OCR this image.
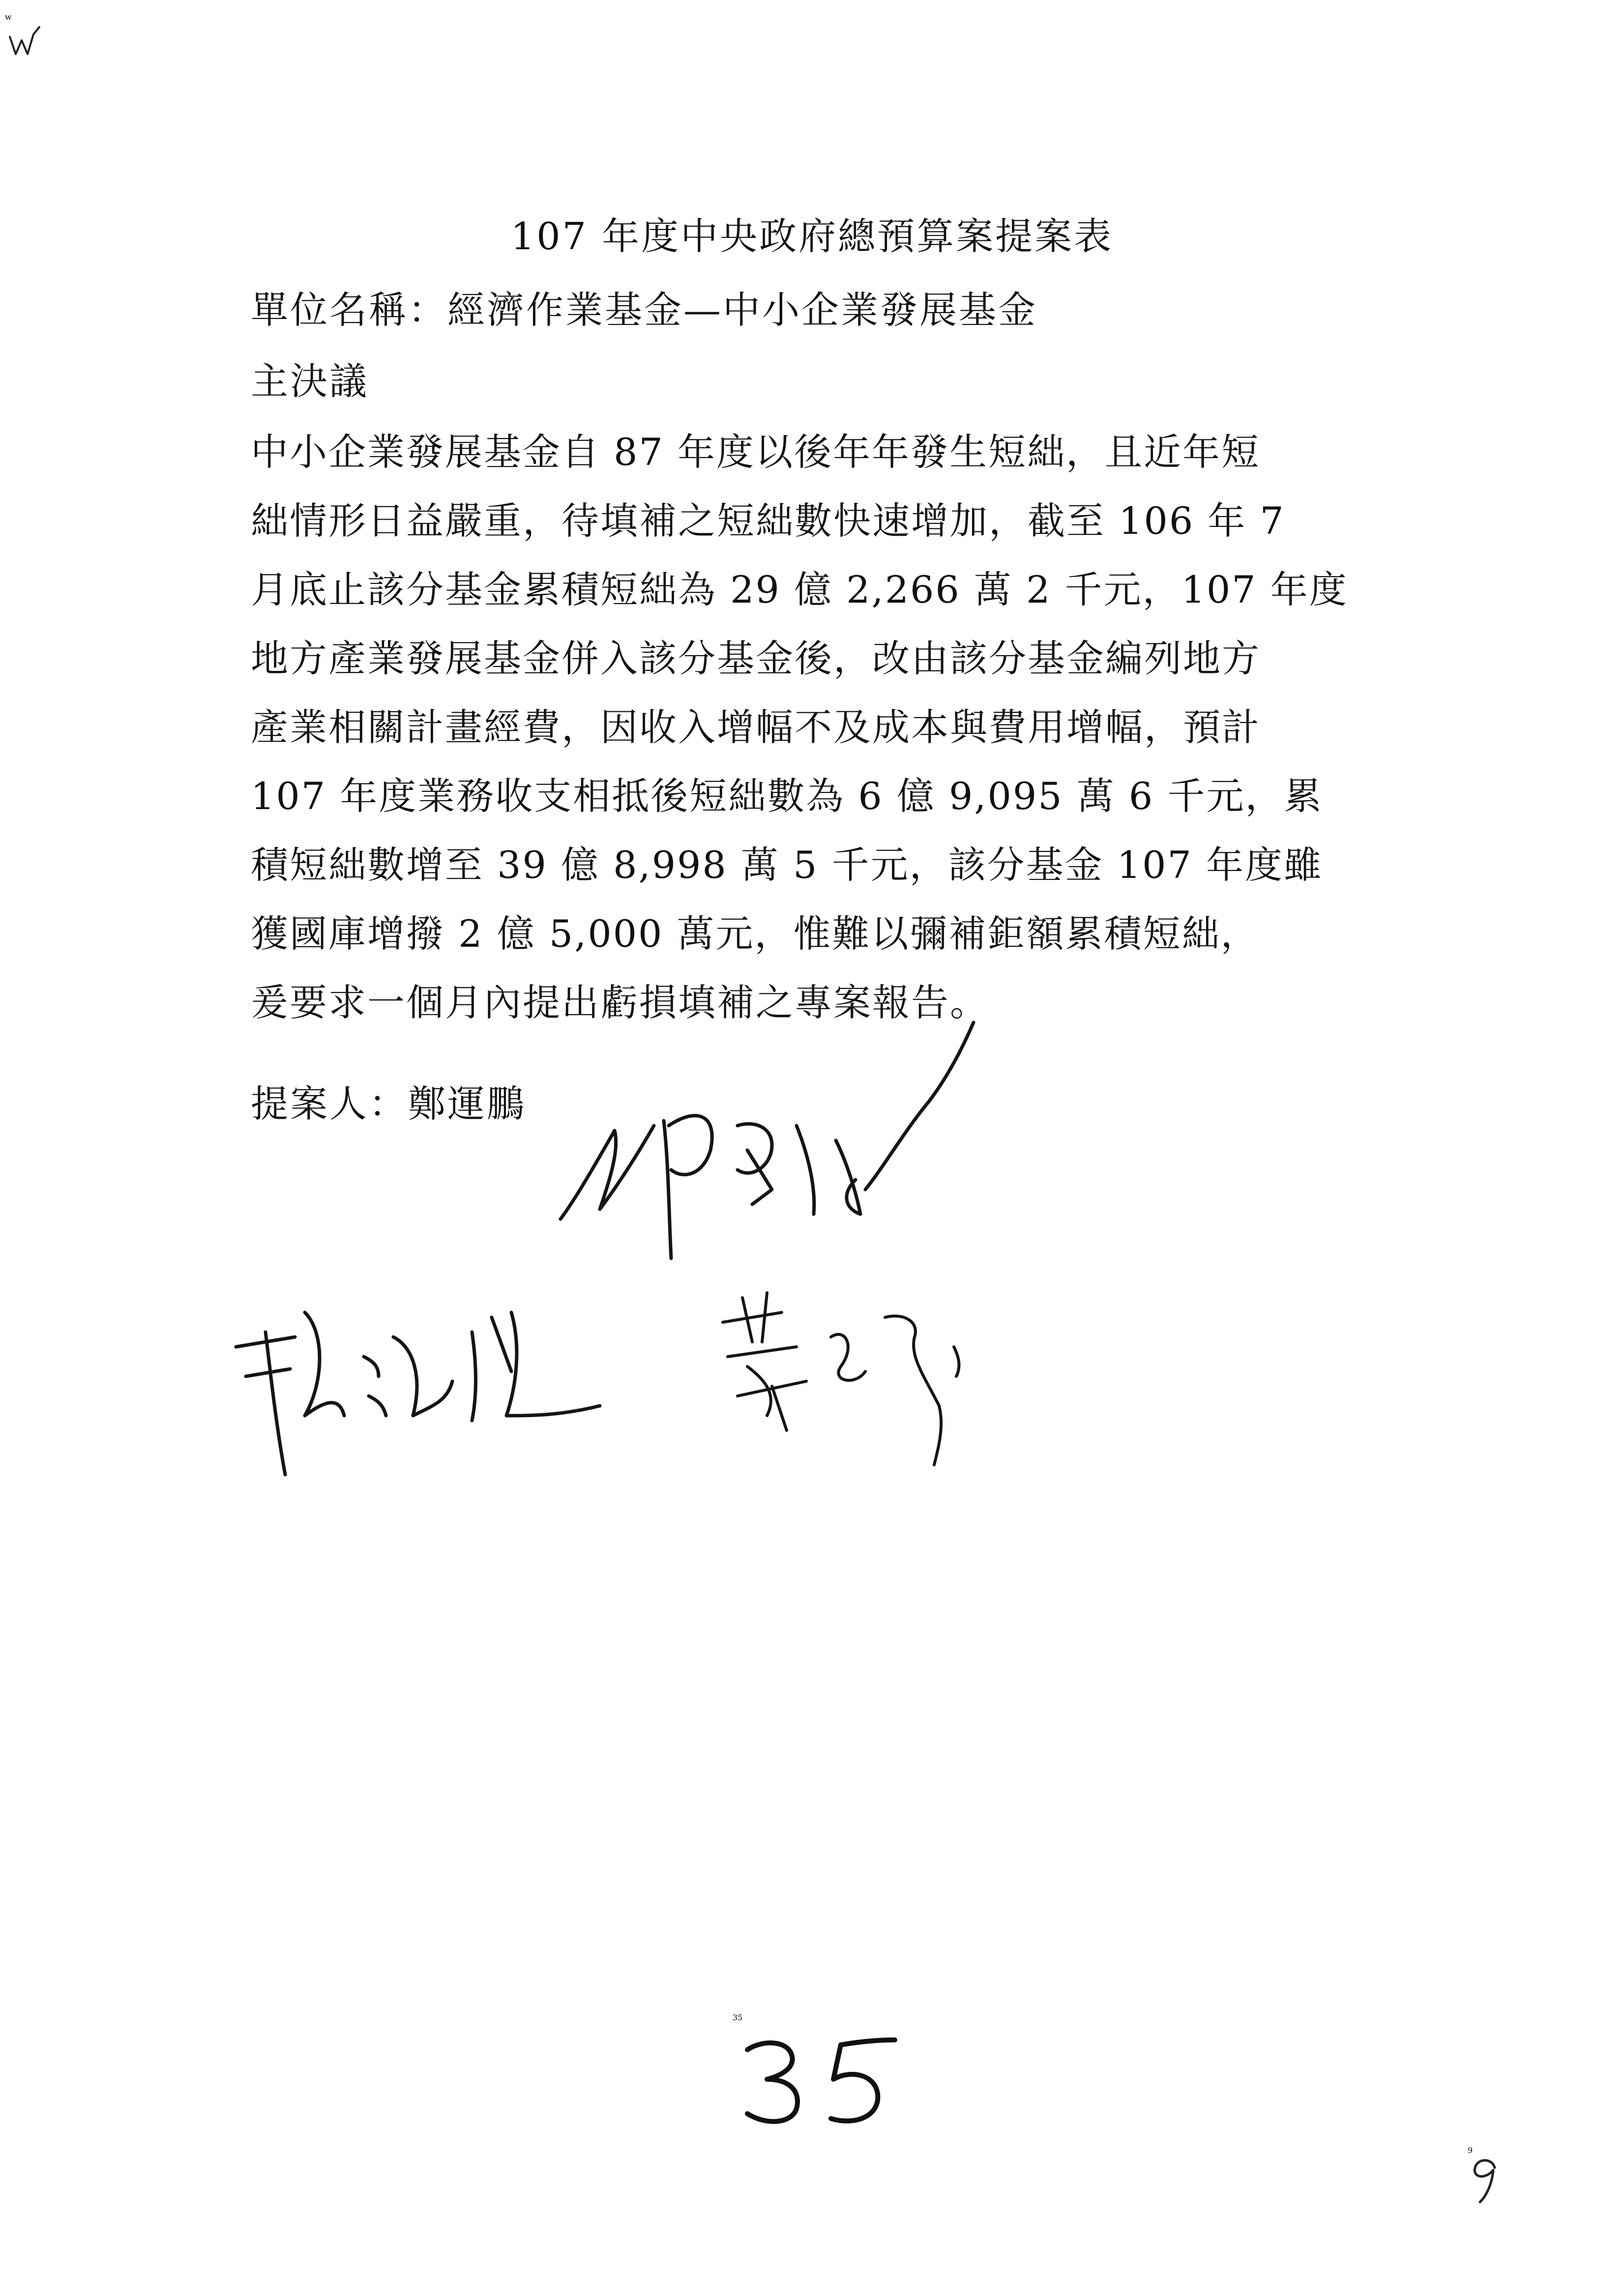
w
107 年度中央政府總預算案提案表
單位名稱：經濟作業基金—中小企業發展基金
主決議
中小企業發展基金自 87 年度以後年年發生短絀，且近年短
絀情形日益嚴重，待填補之短絀數快速增加，截至 106 年 7
月底止該分基金累積短絀為 29 億 2,266 萬 2 千元，107 年度
地方產業發展基金併入該分基金後，改由該分基金編列地方
產業相關計畫經費，因收入增幅不及成本與費用增幅，預計
107 年度業務收支相抵後短絀數為 6 億 9,095 萬 6 千元，累
積短絀數增至 39 億 8,998 萬 5 千元，該分基金 107 年度雖
獲國庫增撥 2 億 5,000 萬元，惟難以彌補鉅額累積短絀，
爰要求一個月內提出虧損填補之專案報告。
提案人：鄭運鵬
35
9
